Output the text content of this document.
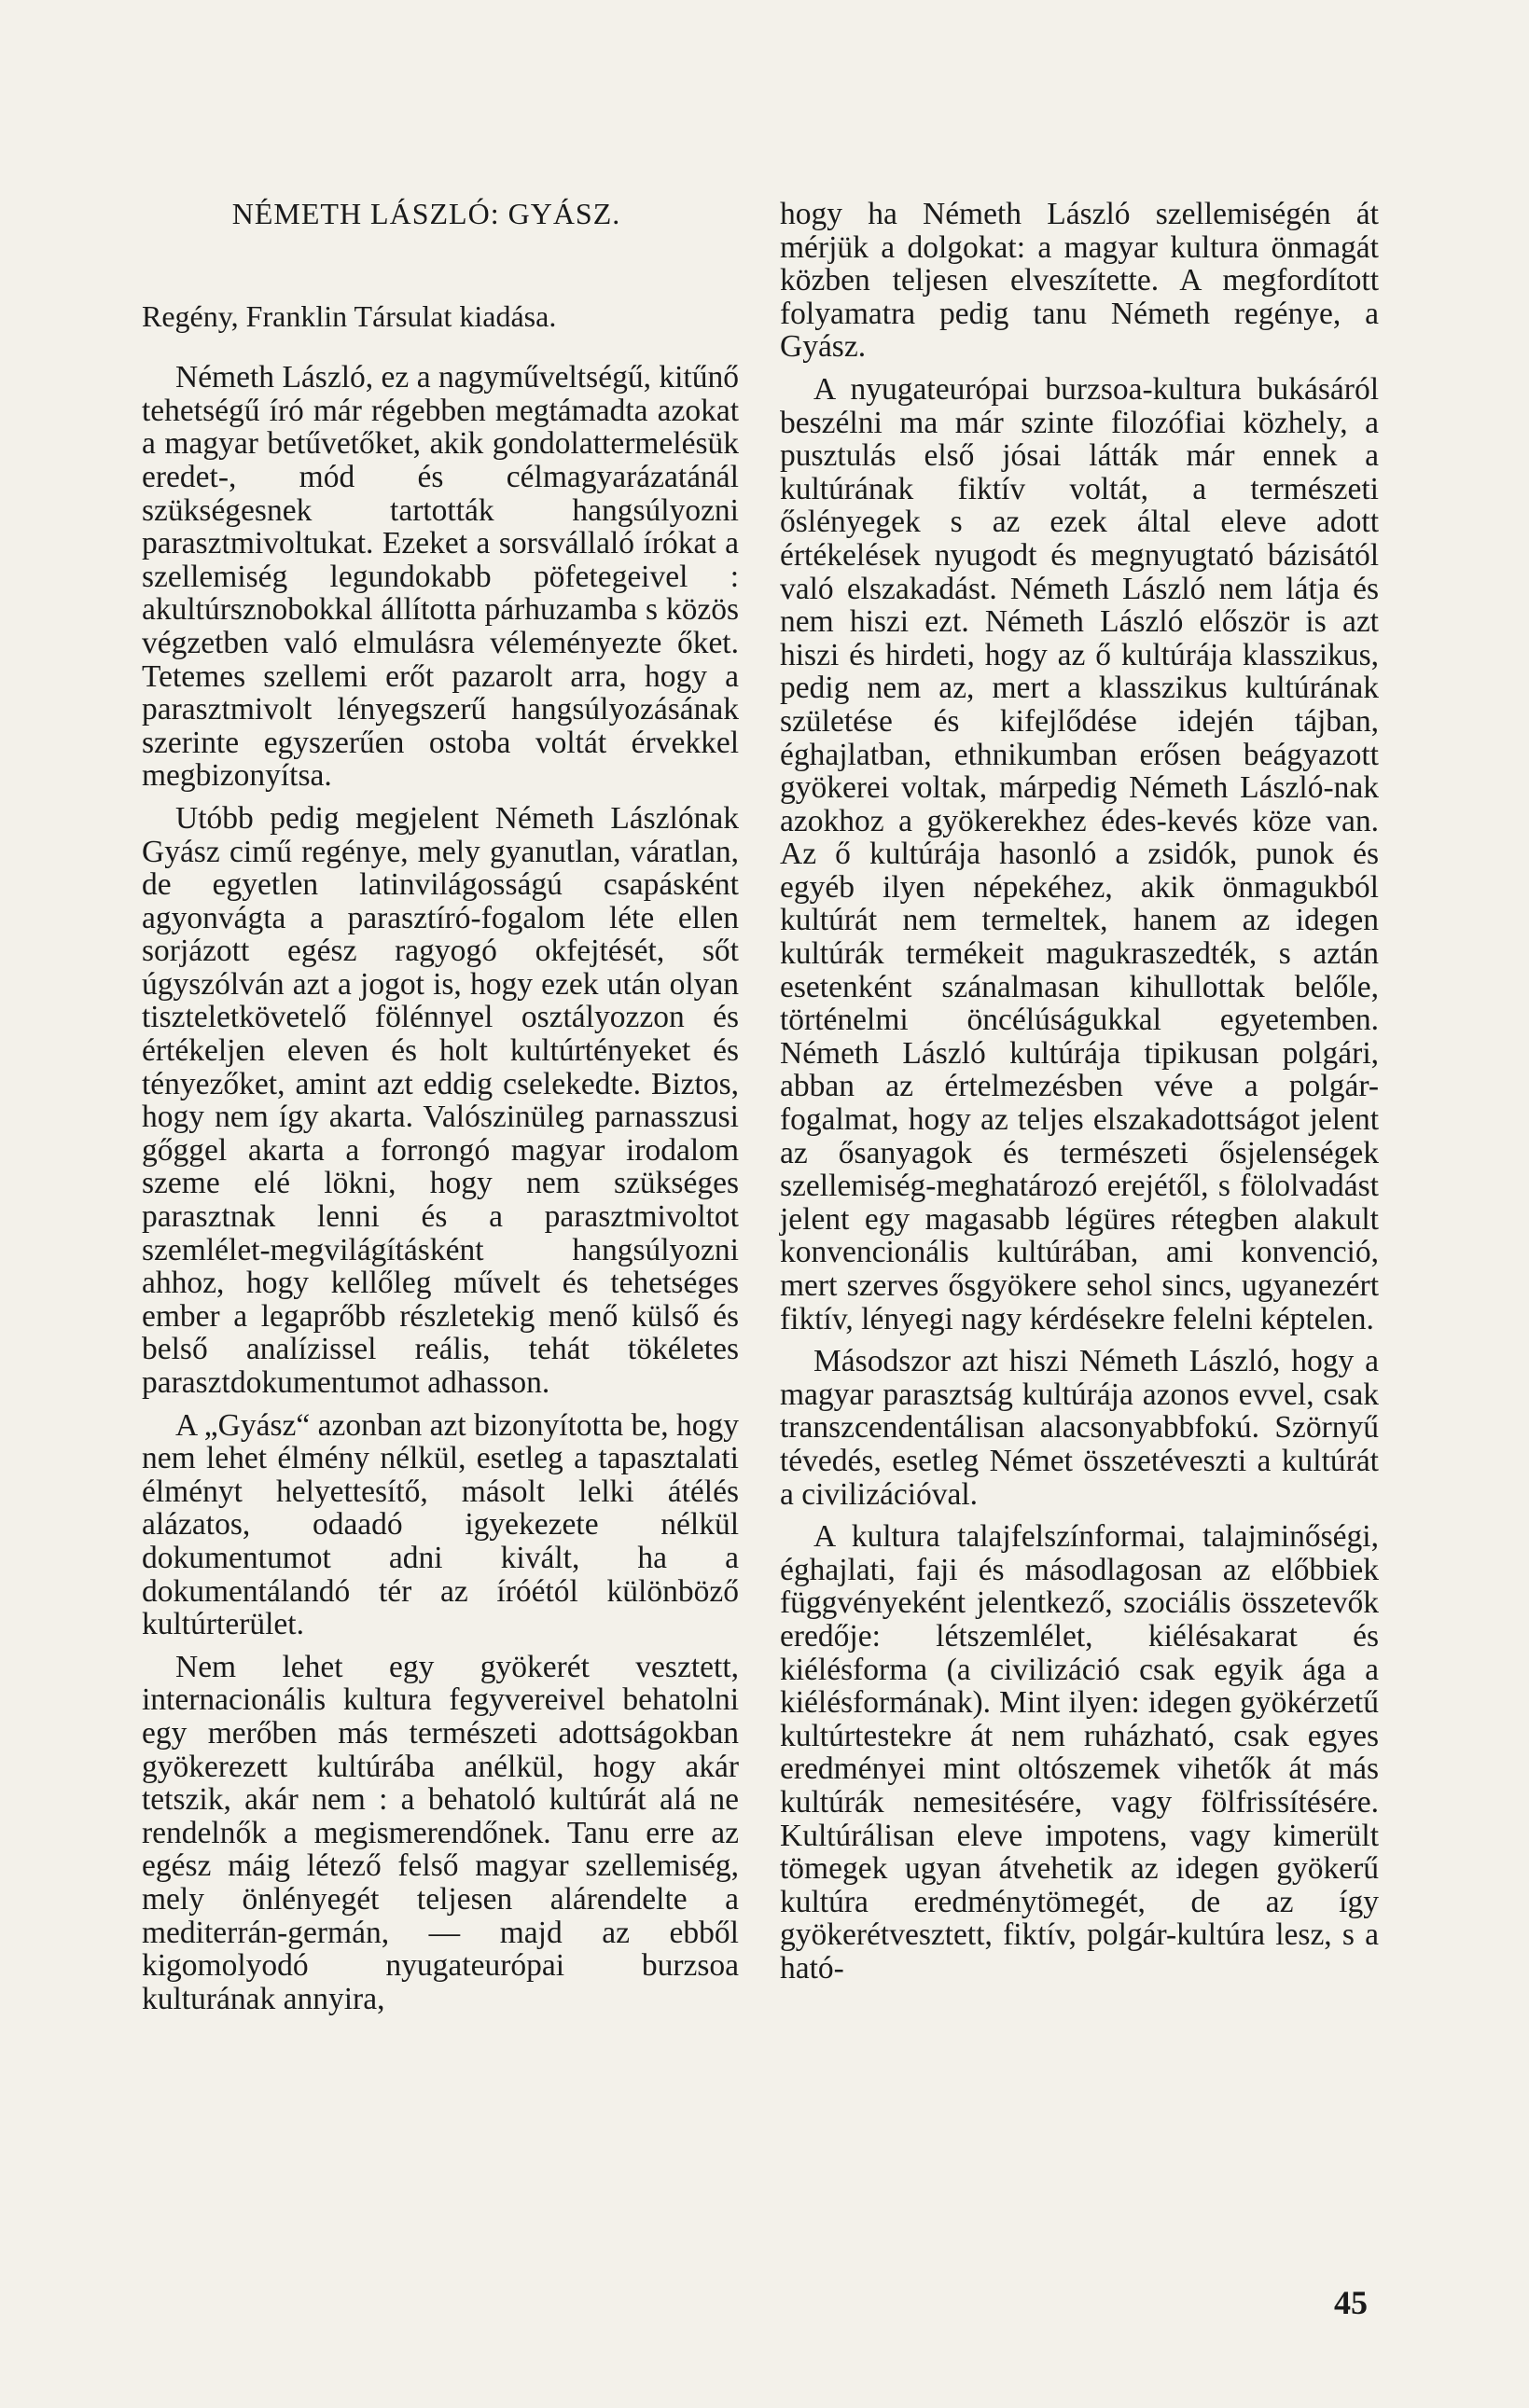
NÉMETH LÁSZLÓ: GYÁSZ.

Regény, Franklin Társulat kiadása.

Németh László, ez a nagyműveltségű, kitűnő tehetségű író már régebben megtámadta azokat a magyar betűvetőket, akik gondolattermelésük eredet-, mód és célmagyarázatánál szükségesnek tartották hangsúlyozni parasztmivoltukat. Ezeket a sorsvállaló írókat a szellemiség legundokabb pöfetegeivel : akultúrsznobokkal állította párhuzamba s közös végzetben való elmulásra véleményezte őket. Tetemes szellemi erőt pazarolt arra, hogy a parasztmivolt lényegszerű hangsúlyozásának szerinte egyszerűen ostoba voltát érvekkel megbizonyítsa.

Utóbb pedig megjelent Németh Lászlónak Gyász cimű regénye, mely gyanutlan, váratlan, de egyetlen latinvilágosságú csapásként agyonvágta a parasztíró-fogalom léte ellen sorjázott egész ragyogó okfejtését, sőt úgyszólván azt a jogot is, hogy ezek után olyan tiszteletkövetelő fölénnyel osztályozzon és értékeljen eleven és holt kultúrtényeket és tényezőket, amint azt eddig cselekedte. Biztos, hogy nem így akarta. Valószinüleg parnasszusi gőggel akarta a forrongó magyar irodalom szeme elé lökni, hogy nem szükséges parasztnak lenni és a parasztmivoltot szemlélet-megvilágításként hangsúlyozni ahhoz, hogy kellőleg művelt és tehetséges ember a legaprőbb részletekig menő külső és belső analízissel reális, tehát tökéletes parasztdokumentumot adhasson.

A „Gyász“ azonban azt bizonyította be, hogy nem lehet élmény nélkül, esetleg a tapasztalati élményt helyettesítő, másolt lelki átélés alázatos, odaadó igyekezete nélkül dokumentumot adni kivált, ha a dokumentálandó tér az íróétól különböző kultúrterület.

Nem lehet egy gyökerét vesztett, internacionális kultura fegyvereivel behatolni egy merőben más természeti adottságokban gyökerezett kultúrába anélkül, hogy akár tetszik, akár nem : a behatoló kultúrát alá ne rendelnők a megismerendőnek. Tanu erre az egész máig létező felső magyar szellemiség, mely önlényegét teljesen alárendelte a mediterrán-germán, — majd az ebből kigomolyodó nyugateurópai burzsoa kulturának annyira,

hogy ha Németh László szellemiségén át mérjük a dolgokat: a magyar kultura önmagát közben teljesen elveszítette. A megfordított folyamatra pedig tanu Németh regénye, a Gyász.

A nyugateurópai burzsoa-kultura bukásáról beszélni ma már szinte filozófiai közhely, a pusztulás első jósai látták már ennek a kultúrának fiktív voltát, a természeti őslényegek s az ezek által eleve adott értékelések nyugodt és megnyugtató bázisától való elszakadást. Németh László nem látja és nem hiszi ezt. Németh László először is azt hiszi és hirdeti, hogy az ő kultúrája klasszikus, pedig nem az, mert a klasszikus kultúrának születése és kifejlődése idején tájban, éghajlatban, ethnikumban erősen beágyazott gyökerei voltak, márpedig Németh László-nak azokhoz a gyökerekhez édes-kevés köze van. Az ő kultúrája hasonló a zsidók, punok és egyéb ilyen népekéhez, akik önmagukból kultúrát nem termeltek, hanem az idegen kultúrák termékeit magukraszedték, s aztán esetenként szánalmasan kihullottak belőle, történelmi öncélúságukkal egyetemben. Németh László kultúrája tipikusan polgári, abban az értelmezésben véve a polgár-fogalmat, hogy az teljes elszakadottságot jelent az ősanyagok és természeti ősjelenségek szellemiség-meghatározó erejétől, s fölolvadást jelent egy magasabb légüres rétegben alakult konvencionális kultúrában, ami konvenció, mert szerves ősgyökere sehol sincs, ugyanezért fiktív, lényegi nagy kérdésekre felelni képtelen.

Másodszor azt hiszi Németh László, hogy a magyar parasztság kultúrája azonos evvel, csak transzcendentálisan alacsonyabbfokú. Szörnyű tévedés, esetleg Német összetéveszti a kultúrát a civilizációval.

A kultura talajfelszínformai, talajminőségi, éghajlati, faji és másodlagosan az előbbiek függvényeként jelentkező, szociális összetevők eredője: létszemlélet, kiélésakarat és kiélésforma (a civilizáció csak egyik ága a kiélésformának). Mint ilyen: idegen gyökérzetű kultúrtestekre át nem ruházható, csak egyes eredményei mint oltószemek vihetők át más kultúrák nemesitésére, vagy fölfrissítésére. Kultúrálisan eleve impotens, vagy kimerült tömegek ugyan átvehetik az idegen gyökerű kultúra eredménytömegét, de az így gyökerétvesztett, fiktív, polgár-kultúra lesz, s a ható-

45
